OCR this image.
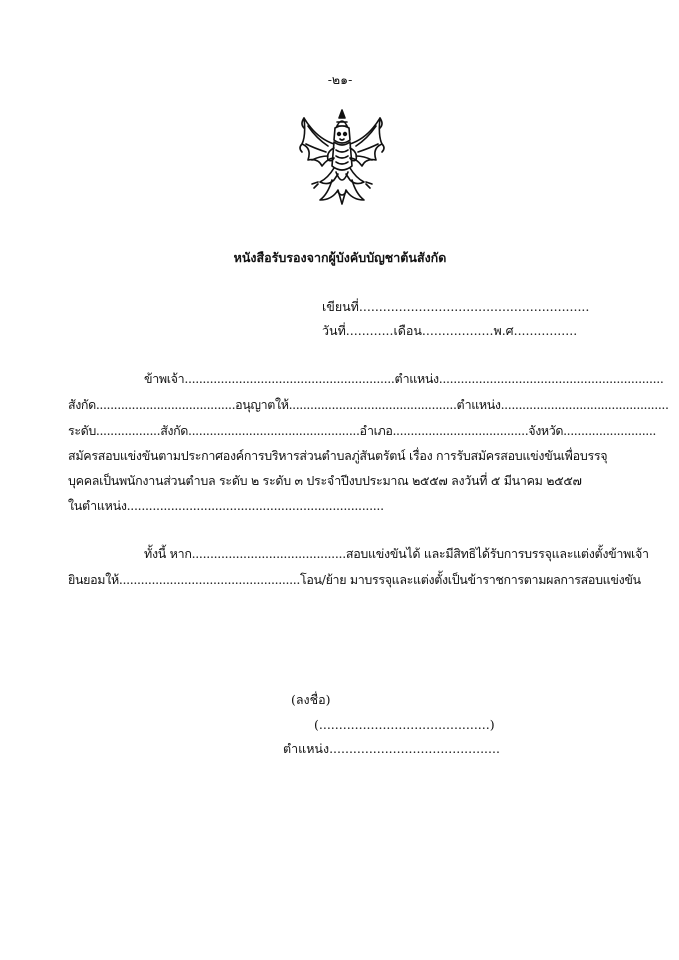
-๒๑-
หนังสือรับรองจากผู้บังคับบัญชาต้นสังกัด
เขียนที่..........................................................
วันที่............เดือน..................พ.ศ................
ข้าพเจ้า..........................................................ตำแหน่ง..............................................................
สังกัด.......................................อนุญาตให้...............................................ตำแหน่ง...............................................
ระดับ..................สังกัด................................................อำเภอ......................................จังหวัด..........................
สมัครสอบแข่งขันตามประกาศองค์การบริหารส่วนตำบลภู่สันตรัตน์ เรื่อง การรับสมัครสอบแข่งขันเพื่อบรรจุ
บุคคลเป็นพนักงานส่วนตำบล ระดับ ๒ ระดับ ๓ ประจำปีงบประมาณ ๒๕๕๗ ลงวันที่ ๕ มีนาคม ๒๕๕๗
ในตำแหน่ง......................................................................
ทั้งนี้ หาก..........................................สอบแข่งขันได้ และมีสิทธิได้รับการบรรจุและแต่งตั้งข้าพเจ้า
ยินยอมให้..................................................โอน/ย้าย มาบรรจุและแต่งตั้งเป็นข้าราชการตามผลการสอบแข่งขัน
(ลงชื่อ)
(...........................................)
ตำแหน่ง...........................................
